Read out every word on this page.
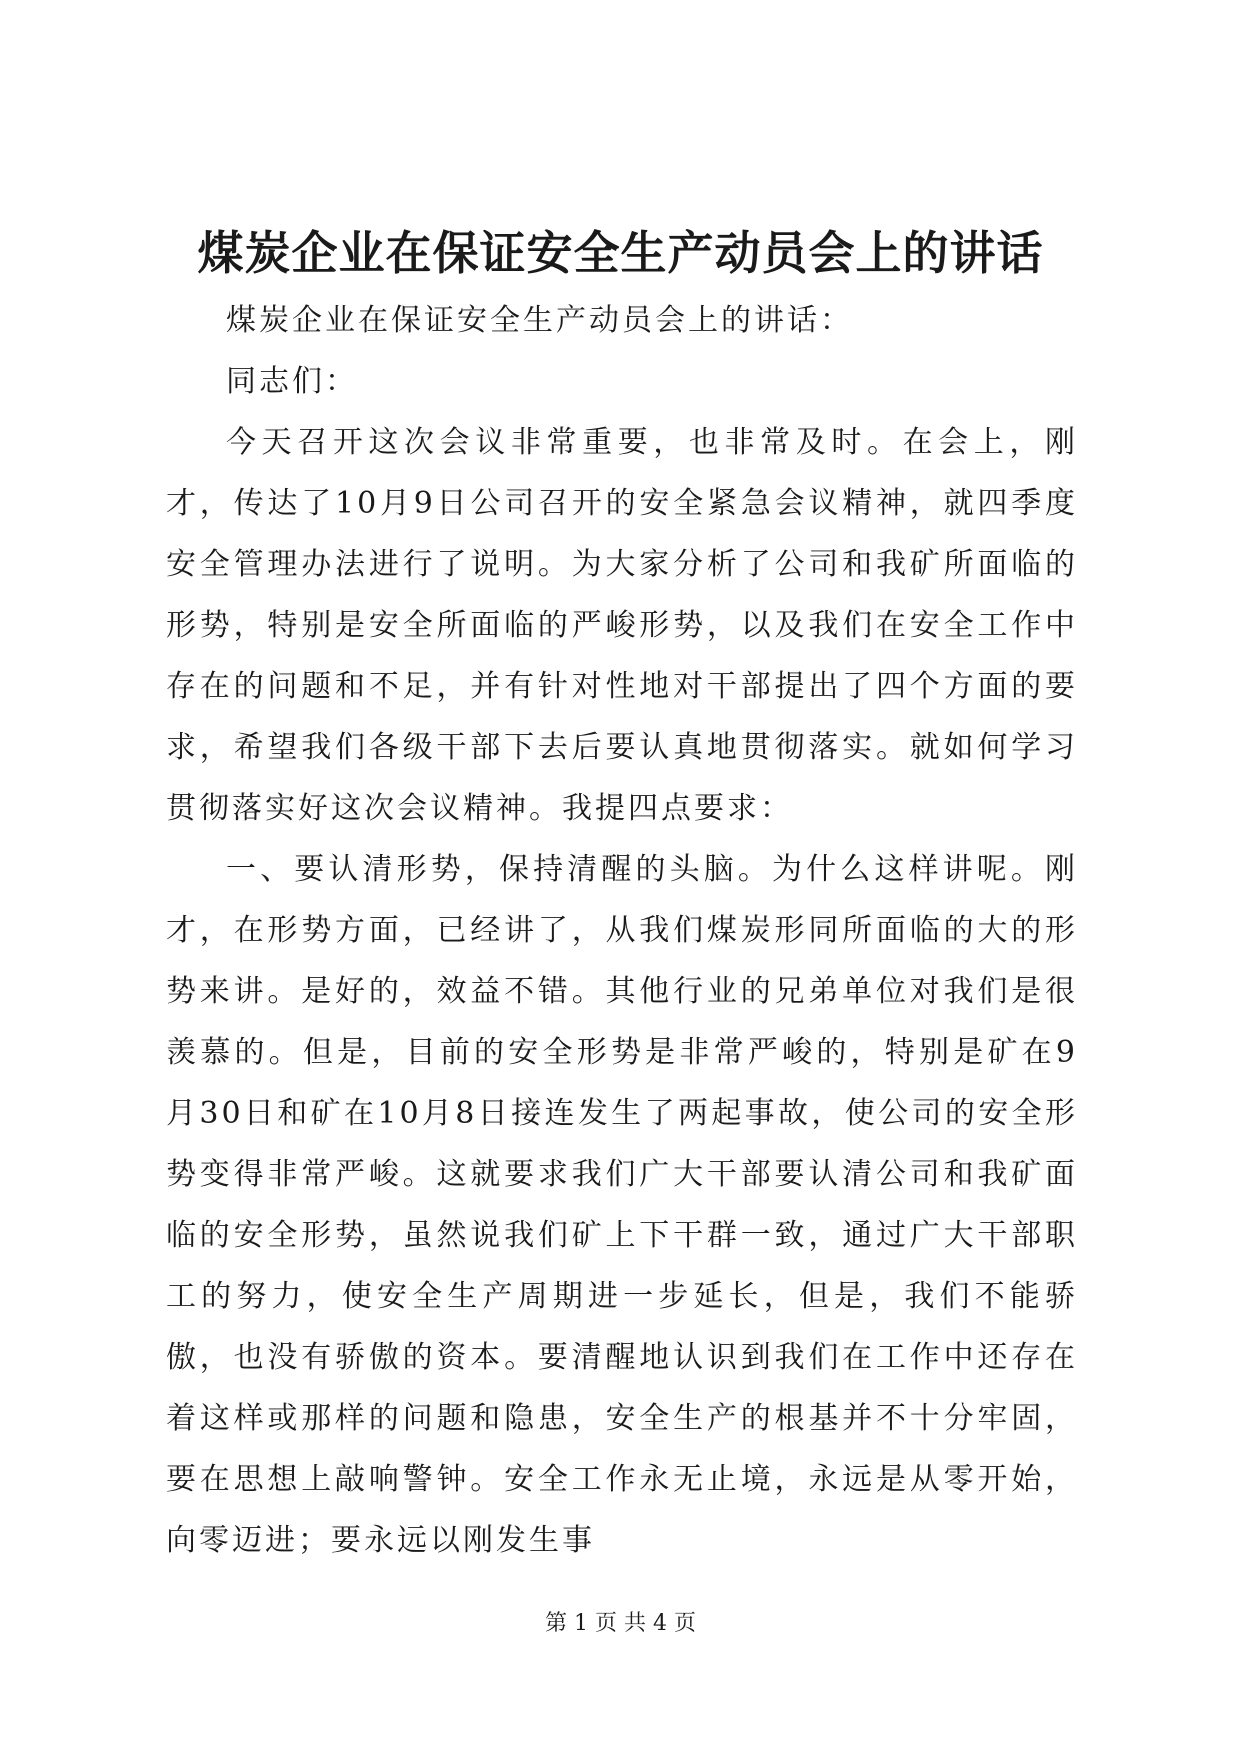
煤炭企业在保证安全生产动员会上的讲话

煤炭企业在保证安全生产动员会上的讲话：

同志们：

今天召开这次会议非常重要，也非常及时。在会上，刚才，传达了10月9日公司召开的安全紧急会议精神，就四季度安全管理办法进行了说明。为大家分析了公司和我矿所面临的形势，特别是安全所面临的严峻形势，以及我们在安全工作中存在的问题和不足，并有针对性地对干部提出了四个方面的要求，希望我们各级干部下去后要认真地贯彻落实。就如何学习贯彻落实好这次会议精神。我提四点要求：

一、要认清形势，保持清醒的头脑。为什么这样讲呢。刚才，在形势方面，已经讲了，从我们煤炭形同所面临的大的形势来讲。是好的，效益不错。其他行业的兄弟单位对我们是很羡慕的。但是，目前的安全形势是非常严峻的，特别是矿在9月30日和矿在10月8日接连发生了两起事故，使公司的安全形势变得非常严峻。这就要求我们广大干部要认清公司和我矿面临的安全形势，虽然说我们矿上下干群一致，通过广大干部职工的努力，使安全生产周期进一步延长，但是，我们不能骄傲，也没有骄傲的资本。要清醒地认识到我们在工作中还存在着这样或那样的问题和隐患，安全生产的根基并不十分牢固，要在思想上敲响警钟。安全工作永无止境，永远是从零开始，向零迈进；要永远以刚发生事

第 1 页 共 4 页
